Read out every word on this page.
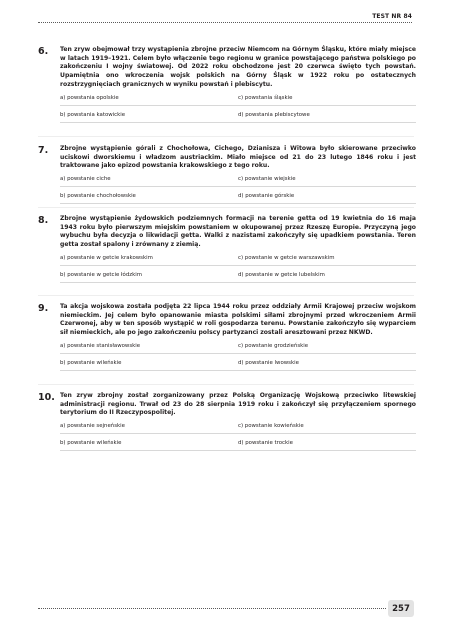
TEST NR 84
6.	Ten zryw obejmował trzy wystąpienia zbrojne przeciw Niemcom na Górnym Śląsku, które miały miejsce w latach 1919–1921. Celem było włączenie tego regionu w granice powstającego państwa polskiego po zakończeniu I wojny światowej. Od 2022 roku obchodzone jest 20 czerwca święto tych powstań. Upamiętnia ono wkroczenia wojsk polskich na Górny Śląsk w 1922 roku po ostatecznych rozstrzygnięciach granicznych w wyniku powstań i plebiscytu.
a) powstania opolskie	c) powstania śląskie
b) powstania katowickie	d) powstania plebiscytowe
7.	Zbrojne wystąpienie górali z Chochołowa, Cichego, Dzianisza i Witowa było skierowane przeciwko uciskowi dworskiemu i władzom austriackim. Miało miejsce od 21 do 23 lutego 1846 roku i jest traktowane jako epizod powstania krakowskiego z tego roku.
a) powstanie ciche	c) powstanie wiejskie
b) powstanie chochołowskie	d) powstanie górskie
8.	Zbrojne wystąpienie żydowskich podziemnych formacji na terenie getta od 19 kwietnia do 16 maja 1943 roku było pierwszym miejskim powstaniem w okupowanej przez Rzeszę Europie. Przyczyną jego wybuchu była decyzja o likwidacji getta. Walki z nazistami zakończyły się upadkiem powstania. Teren getta został spalony i zrównany z ziemią.
a) powstanie w getcie krakowskim	c) powstanie w getcie warszawskim
b) powstanie w getcie łódzkim	d) powstanie w getcie lubelskim
9.	Ta akcja wojskowa została podjęta 22 lipca 1944 roku przez oddziały Armii Krajowej przeciw wojskom niemieckim. Jej celem było opanowanie miasta polskimi siłami zbrojnymi przed wkroczeniem Armii Czerwonej, aby w ten sposób wystąpić w roli gospodarza terenu. Powstanie zakończyło się wyparciem sił niemieckich, ale po jego zakończeniu polscy partyzanci zostali aresztowani przez NKWD.
a) powstanie stanisławowskie	c) powstanie grodzieńskie
b) powstanie wileńskie	d) powstanie lwowskie
10. Ten zryw zbrojny został zorganizowany przez Polską Organizację Wojskową przeciwko litewskiej administracji regionu. Trwał od 23 do 28 sierpnia 1919 roku i zakończył się przyłączeniem spornego terytorium do II Rzeczypospolitej.
a) powstanie sejneńskie	c) powstanie kowieńskie
b) powstanie wileńskie	d) powstanie trockie
257
